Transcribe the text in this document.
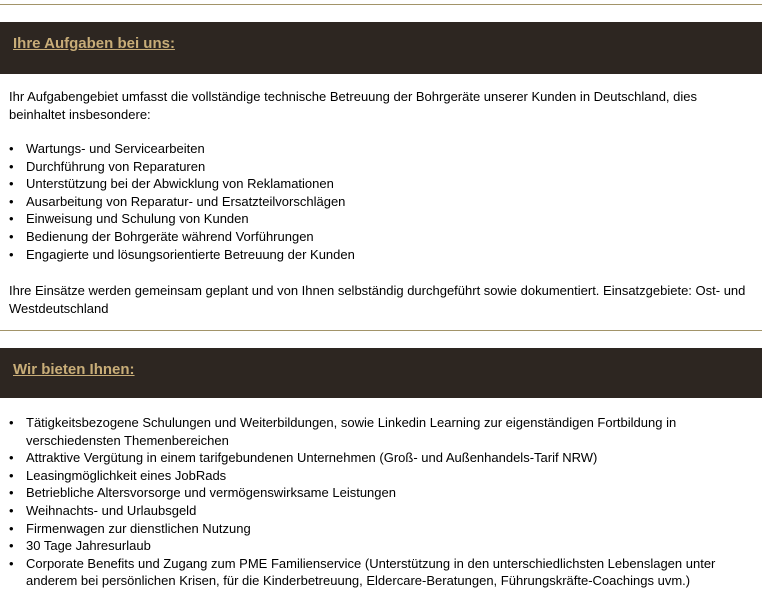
Ihre Aufgaben bei uns:

Ihr Aufgabengebiet umfasst die vollständige technische Betreuung der Bohrgeräte unserer Kunden in Deutschland, dies beinhaltet insbesondere:

• Wartungs- und Servicearbeiten
• Durchführung von Reparaturen
• Unterstützung bei der Abwicklung von Reklamationen
• Ausarbeitung von Reparatur- und Ersatzteilvorschlägen
• Einweisung und Schulung von Kunden
• Bedienung der Bohrgeräte während Vorführungen
• Engagierte und lösungsorientierte Betreuung der Kunden

Ihre Einsätze werden gemeinsam geplant und von Ihnen selbständig durchgeführt sowie dokumentiert. Einsatzgebiete: Ost- und Westdeutschland

Wir bieten Ihnen:
• Tätigkeitsbezogene Schulungen und Weiterbildungen, sowie Linkedin Learning zur eigenständigen Fortbildung in verschiedensten Themenbereichen
• Attraktive Vergütung in einem tarifgebundenen Unternehmen (Groß- und Außenhandels-Tarif NRW)
• Leasingmöglichkeit eines JobRads
• Betriebliche Altersvorsorge und vermögenswirksame Leistungen
• Weihnachts- und Urlaubsgeld
• Firmenwagen zur dienstlichen Nutzung
• 30 Tage Jahresurlaub
• Corporate Benefits und Zugang zum PME Familienservice (Unterstützung in den unterschiedlichsten Lebenslagen unter anderem bei persönlichen Krisen, für die Kinderbetreuung, Eldercare-Beratungen, Führungskräfte-Coachings uvm.)
